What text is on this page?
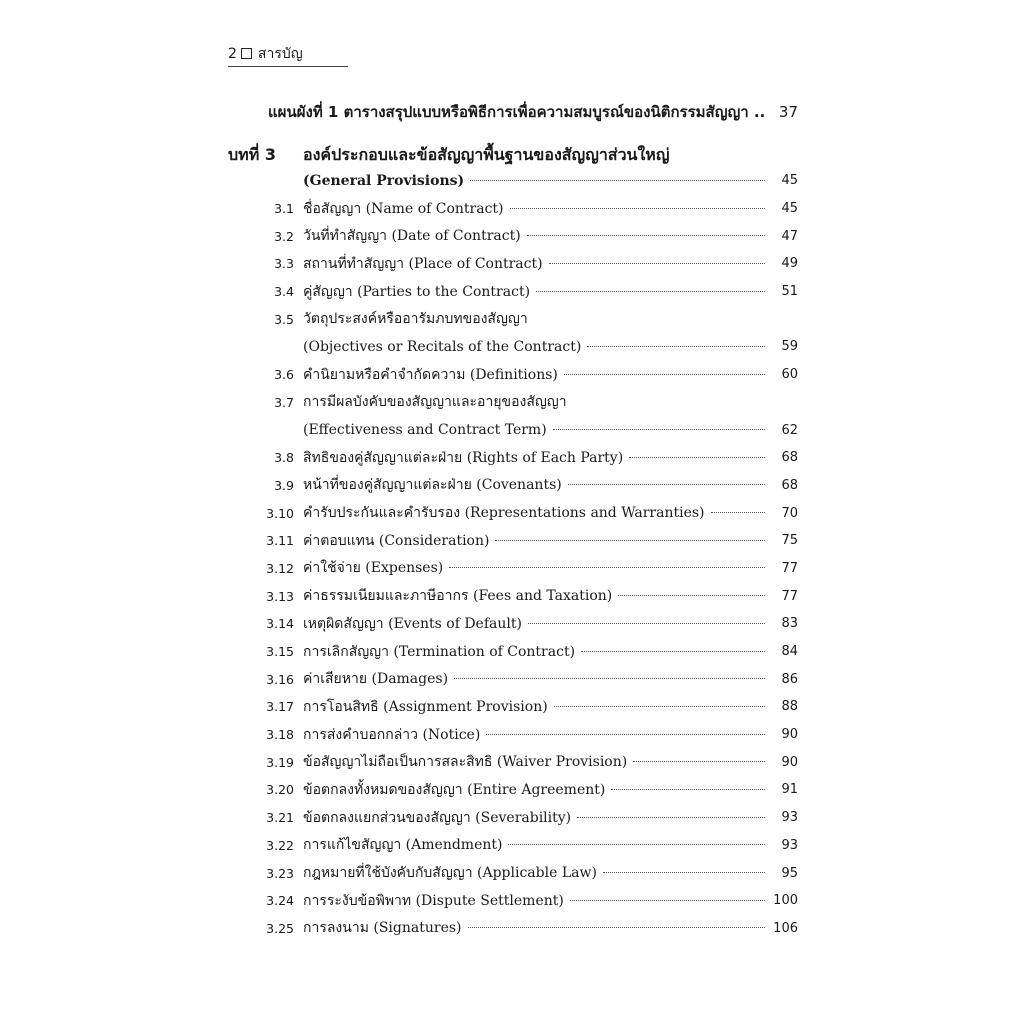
2 สารบัญ
แผนผังที่ 1 ตารางสรุปแบบหรือพิธีการเพื่อความสมบูรณ์ของนิติกรรมสัญญา .. 37
บทที่ 3	องค์ประกอบและข้อสัญญาพื้นฐานของสัญญาส่วนใหญ่
(General Provisions)	45
3.1 ชื่อสัญญา (Name of Contract)	45
3.2 วันที่ทำสัญญา (Date of Contract)	47
3.3 สถานที่ทำสัญญา (Place of Contract)	49
3.4 คู่สัญญา (Parties to the Contract)	51
3.5 วัตถุประสงค์หรืออารัมภบทของสัญญา
(Objectives or Recitals of the Contract)	59
3.6 คำนิยามหรือคำจำกัดความ (Definitions)	60
3.7 การมีผลบังคับของสัญญาและอายุของสัญญา
(Effectiveness and Contract Term)	62
3.8 สิทธิของคู่สัญญาแต่ละฝ่าย (Rights of Each Party)	68
3.9 หน้าที่ของคู่สัญญาแต่ละฝ่าย (Covenants)	68
3.10 คำรับประกันและคำรับรอง (Representations and Warranties)	70
3.11 ค่าตอบแทน (Consideration)	75
3.12 ค่าใช้จ่าย (Expenses)	77
3.13 ค่าธรรมเนียมและภาษีอากร (Fees and Taxation)	77
3.14 เหตุผิดสัญญา (Events of Default)	83
3.15 การเลิกสัญญา (Termination of Contract)	84
3.16 ค่าเสียหาย (Damages)	86
3.17 การโอนสิทธิ (Assignment Provision)	88
3.18 การส่งคำบอกกล่าว (Notice)	90
3.19 ข้อสัญญาไม่ถือเป็นการสละสิทธิ (Waiver Provision)	90
3.20 ข้อตกลงทั้งหมดของสัญญา (Entire Agreement)	91
3.21 ข้อตกลงแยกส่วนของสัญญา (Severability)	93
3.22 การแก้ไขสัญญา (Amendment)	93
3.23 กฎหมายที่ใช้บังคับกับสัญญา (Applicable Law)	95
3.24 การระงับข้อพิพาท (Dispute Settlement)	100
3.25 การลงนาม (Signatures)	106
